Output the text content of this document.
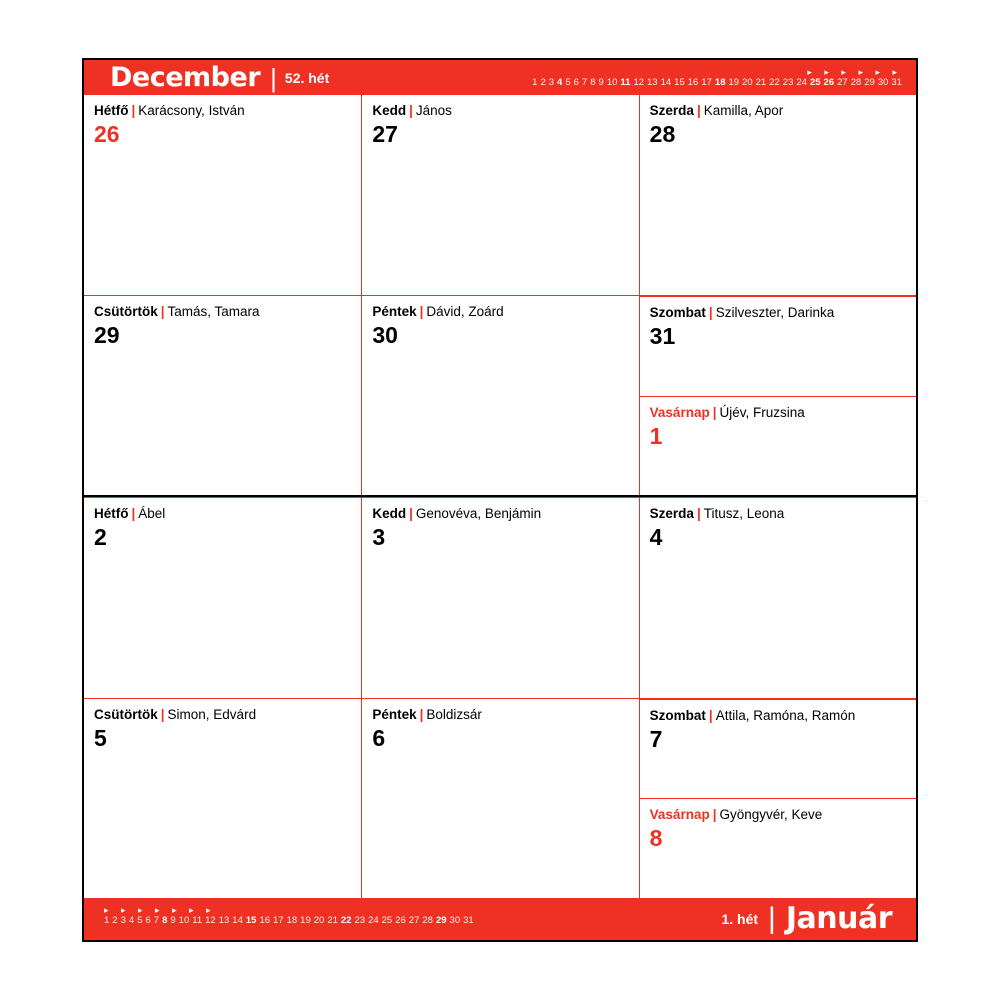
December | 52. hét	▸ ▸ ▸ ▸ ▸ ▸
1 2 3 4 5 6 7 8 9 10 11 12 13 14 15 16 17 18 19 20 21 22 23 24 25 26 27 28 29 30 31
Hétfő | Karácsony, István
26
Kedd | János
27
Szerda | Kamilla, Apor
28
Csütörtök | Tamás, Tamara
29
Péntek | Dávid, Zoárd
30
Szombat | Szilveszter, Darinka
31
Vasárnap | Újév, Fruzsina
1
Hétfő | Ábel
2
Kedd | Genovéva, Benjámin
3
Szerda | Titusz, Leona
4
Csütörtök | Simon, Edvárd
5
Péntek | Boldizsár
6
Szombat | Attila, Ramóna, Ramón
7
Vasárnap | Gyöngyvér, Keve
8
▸ ▸ ▸ ▸ ▸ ▸ ▸
1 2 3 4 5 6 7 8 9 10 11 12 13 14 15 16 17 18 19 20 21 22 23 24 25 26 27 28 29 30 31	1. hét | Január
